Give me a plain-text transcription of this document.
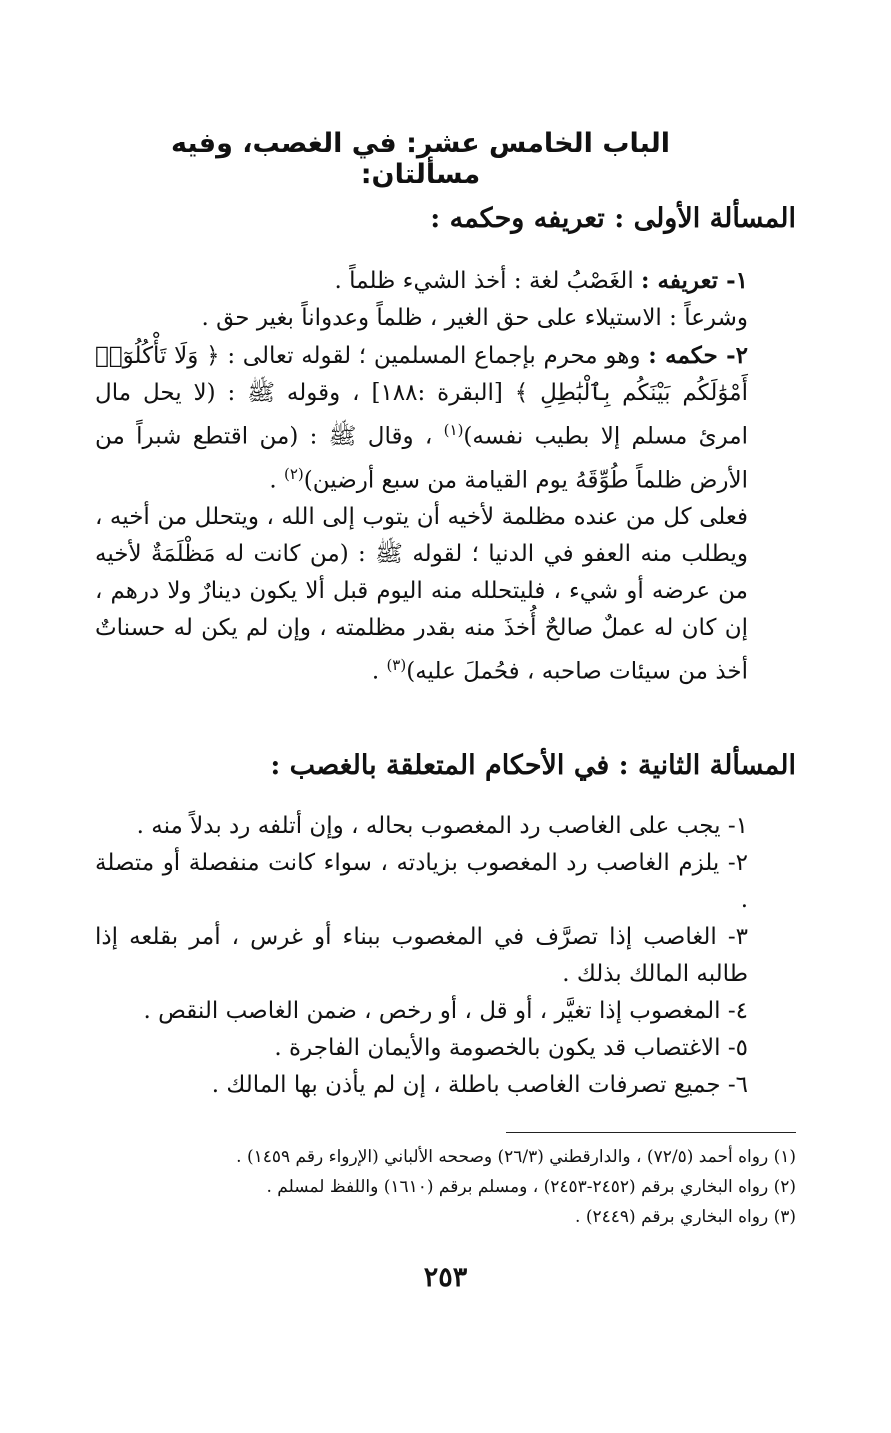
الباب الخامس عشر: في الغصب، وفيه مسألتان:
المسألة الأولى : تعريفه وحكمه :

١- تعريفه : الغَصْبُ لغة : أخذ الشيء ظلماً .

وشرعاً : الاستيلاء على حق الغير ، ظلماً وعدواناً بغير حق .

٢- حكمه : وهو محرم بإجماع المسلمين ؛ لقوله تعالى : ﴿ وَلَا تَأْكُلُوٓا۟ أَمْوَٰلَكُم بَيْنَكُم بِٱلْبَٰطِلِ ﴾ [البقرة :١٨٨] ، وقوله ﷺ : (لا يحل مال امرئ مسلم إلا بطيب نفسه)$^{(١)}$ ، وقال ﷺ : (من اقتطع شبراً من الأرض ظلماً طُوِّقَهُ يوم القيامة من سبع أرضين)$^{(٢)}$ .

فعلى كل من عنده مظلمة لأخيه أن يتوب إلى الله ، ويتحلل من أخيه ، ويطلب منه العفو في الدنيا ؛ لقوله ﷺ : (من كانت له مَظْلَمَةٌ لأخيه من عرضه أو شيء ، فليتحلله منه اليوم قبل ألا يكون دينارٌ ولا درهم ، إن كان له عملٌ صالحٌ أُخذَ منه بقدر مظلمته ، وإن لم يكن له حسناتٌ أخذ من سيئات صاحبه ، فحُملَ عليه)$^{(٣)}$ .

المسألة الثانية : في الأحكام المتعلقة بالغصب :

١- يجب على الغاصب رد المغصوب بحاله ، وإن أتلفه رد بدلاً منه .

٢- يلزم الغاصب رد المغصوب بزيادته ، سواء كانت منفصلة أو متصلة .

٣- الغاصب إذا تصرَّف في المغصوب ببناء أو غرس ، أمر بقلعه إذا طالبه المالك بذلك .

٤- المغصوب إذا تغيَّر ، أو قل ، أو رخص ، ضمن الغاصب النقص .

٥- الاغتصاب قد يكون بالخصومة والأيمان الفاجرة .

٦- جميع تصرفات الغاصب باطلة ، إن لم يأذن بها المالك .

(١) رواه أحمد (٧٢/٥) ، والدارقطني (٢٦/٣) وصححه الألباني (الإرواء رقم ١٤٥٩) .

(٢) رواه البخاري برقم (٢٤٥٢-٢٤٥٣) ، ومسلم برقم (١٦١٠) واللفظ لمسلم .

(٣) رواه البخاري برقم (٢٤٤٩) .

٢٥٣
